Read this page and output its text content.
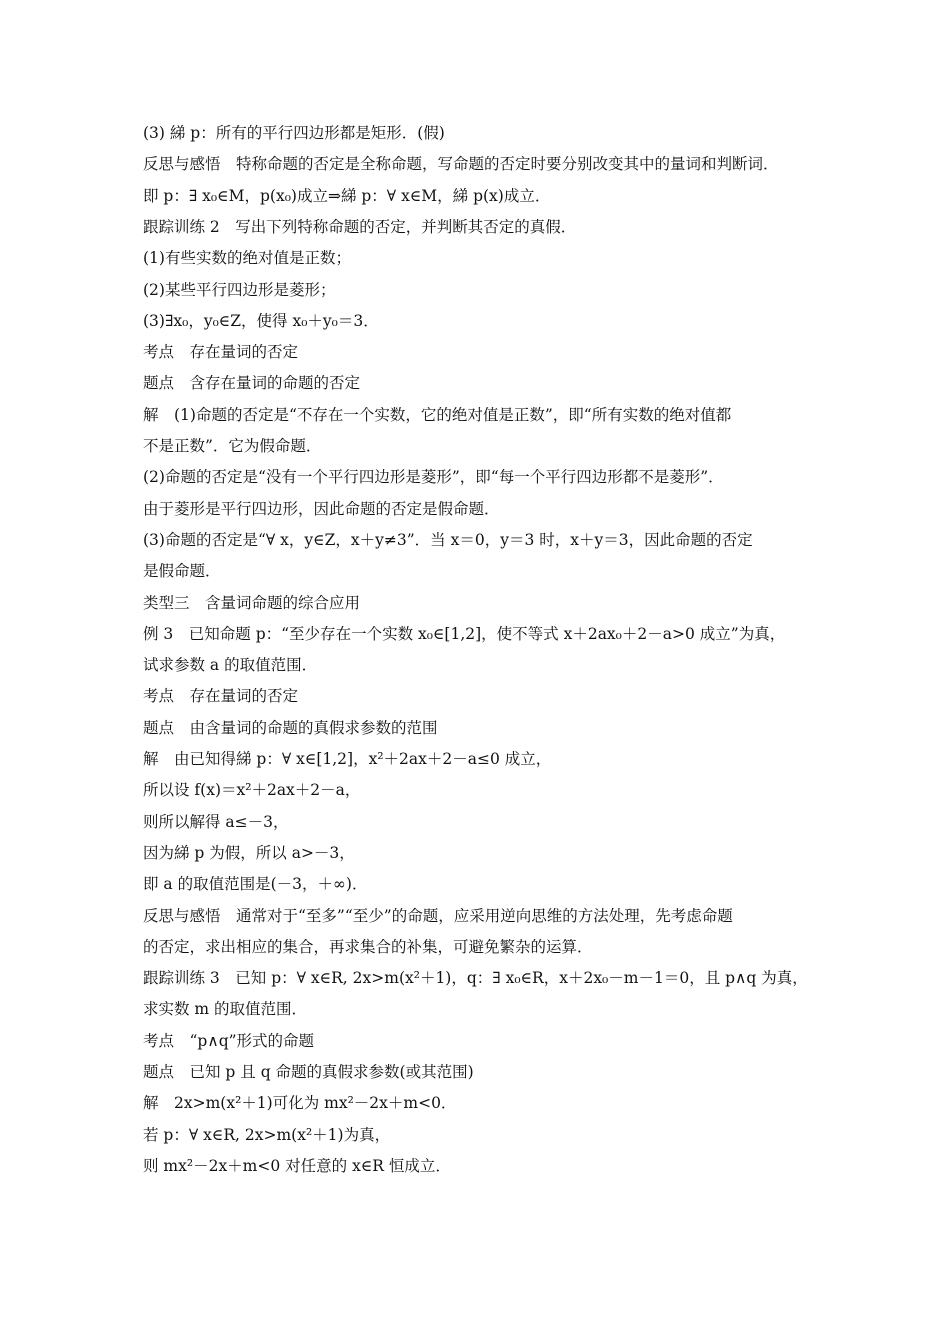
(3) 綈 p：所有的平行四边形都是矩形．(假)
反思与感悟　特称命题的否定是全称命题，写命题的否定时要分别改变其中的量词和判断词．
即 p：∃ x₀∈M，p(x₀)成立⇒綈 p：∀ x∈M，綈 p(x)成立．
跟踪训练 2　写出下列特称命题的否定，并判断其否定的真假．
(1)有些实数的绝对值是正数；
(2)某些平行四边形是菱形；
(3)∃x₀，y₀∈Z，使得 x₀＋y₀＝3．
考点　存在量词的否定
题点　含存在量词的命题的否定
解　(1)命题的否定是“不存在一个实数，它的绝对值是正数”，即“所有实数的绝对值都
不是正数”．它为假命题．
(2)命题的否定是“没有一个平行四边形是菱形”，即“每一个平行四边形都不是菱形”．
由于菱形是平行四边形，因此命题的否定是假命题．
(3)命题的否定是“∀ x，y∈Z，x＋y≠3”．当 x＝0，y＝3 时，x＋y＝3，因此命题的否定
是假命题．
类型三　含量词命题的综合应用
例 3　已知命题 p：“至少存在一个实数 x₀∈[1,2]，使不等式 x＋2ax₀＋2－a>0 成立”为真，
试求参数 a 的取值范围．
考点　存在量词的否定
题点　由含量词的命题的真假求参数的范围
解　由已知得綈 p：∀ x∈[1,2]，x²＋2ax＋2－a≤0 成立，
所以设 f(x)＝x²＋2ax＋2－a，
则所以解得 a≤－3，
因为綈 p 为假，所以 a>－3，
即 a 的取值范围是(－3，＋∞)．
反思与感悟　通常对于“至多”“至少”的命题，应采用逆向思维的方法处理，先考虑命题
的否定，求出相应的集合，再求集合的补集，可避免繁杂的运算．
跟踪训练 3　已知 p：∀ x∈R, 2x>m(x²＋1)，q：∃ x₀∈R，x＋2x₀－m－1＝0，且 p∧q 为真，
求实数 m 的取值范围．
考点　“p∧q”形式的命题
题点　已知 p 且 q 命题的真假求参数(或其范围)
解　2x>m(x²＋1)可化为 mx²－2x＋m<0．
若 p：∀ x∈R, 2x>m(x²＋1)为真，
则 mx²－2x＋m<0 对任意的 x∈R 恒成立．
